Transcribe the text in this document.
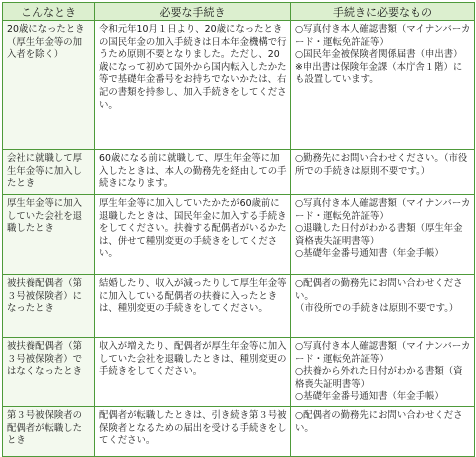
こんなとき	必要な手続き	手続きに必要なもの
20歳になったとき（厚生年金等の加入者を除く）	令和元年10月１日より、20歳になったときの国民年金の加入手続きは日本年金機構で行うため原則不要となりました。ただし、20歳になって初めて国外から国内転入したかた等で基礎年金番号をお持ちでないかたは、右記の書類を持参し、加入手続きをしてください。	○写真付き本人確認書類（マイナンバーカード・運転免許証等）

○国民年金被保険者関係届書（申出書）

※申出書は保険年金課（本庁舎１階）にも設置しています。

会社に就職して厚生年金等に加入したとき	60歳になる前に就職して、厚生年金等に加入したときは、本人の勤務先を経由しての手続きになります。	○勤務先にお問い合わせください。（市役所での手続きは原則不要です。）

厚生年金等に加入していた会社を退職したとき	厚生年金等に加入していたかたが60歳前に退職したときは、国民年金に加入する手続きをしてください。扶養する配偶者がいるかたは、併せて種別変更の手続きをしてください。	○写真付き本人確認書類（マイナンバーカード・運転免許証等）

○退職した日付がわかる書類（厚生年金資格喪失証明書等）

○基礎年金番号通知書（年金手帳）

被扶養配偶者（第３号被保険者）になったとき	結婚したり、収入が減ったりして厚生年金等に加入している配偶者の扶養に入ったときは、種別変更の手続きをしてください。	○配偶者の勤務先にお問い合わせください。

（市役所での手続きは原則不要です。）

被扶養配偶者（第３号被保険者）ではなくなったとき	収入が増えたり、配偶者が厚生年金等に加入していた会社を退職したときは、種別変更の手続きをしてください。	○写真付き本人確認書類（マイナンバーカード・運転免許証等）

○扶養から外れた日付がわかる書類（資格喪失証明書等）

○基礎年金番号通知書（年金手帳）

第３号被保険者の配偶者が転職したとき	配偶者が転職したときは、引き続き第３号被保険者となるための届出を受ける手続きをしてください。	○配偶者の勤務先にお問い合わせください。
